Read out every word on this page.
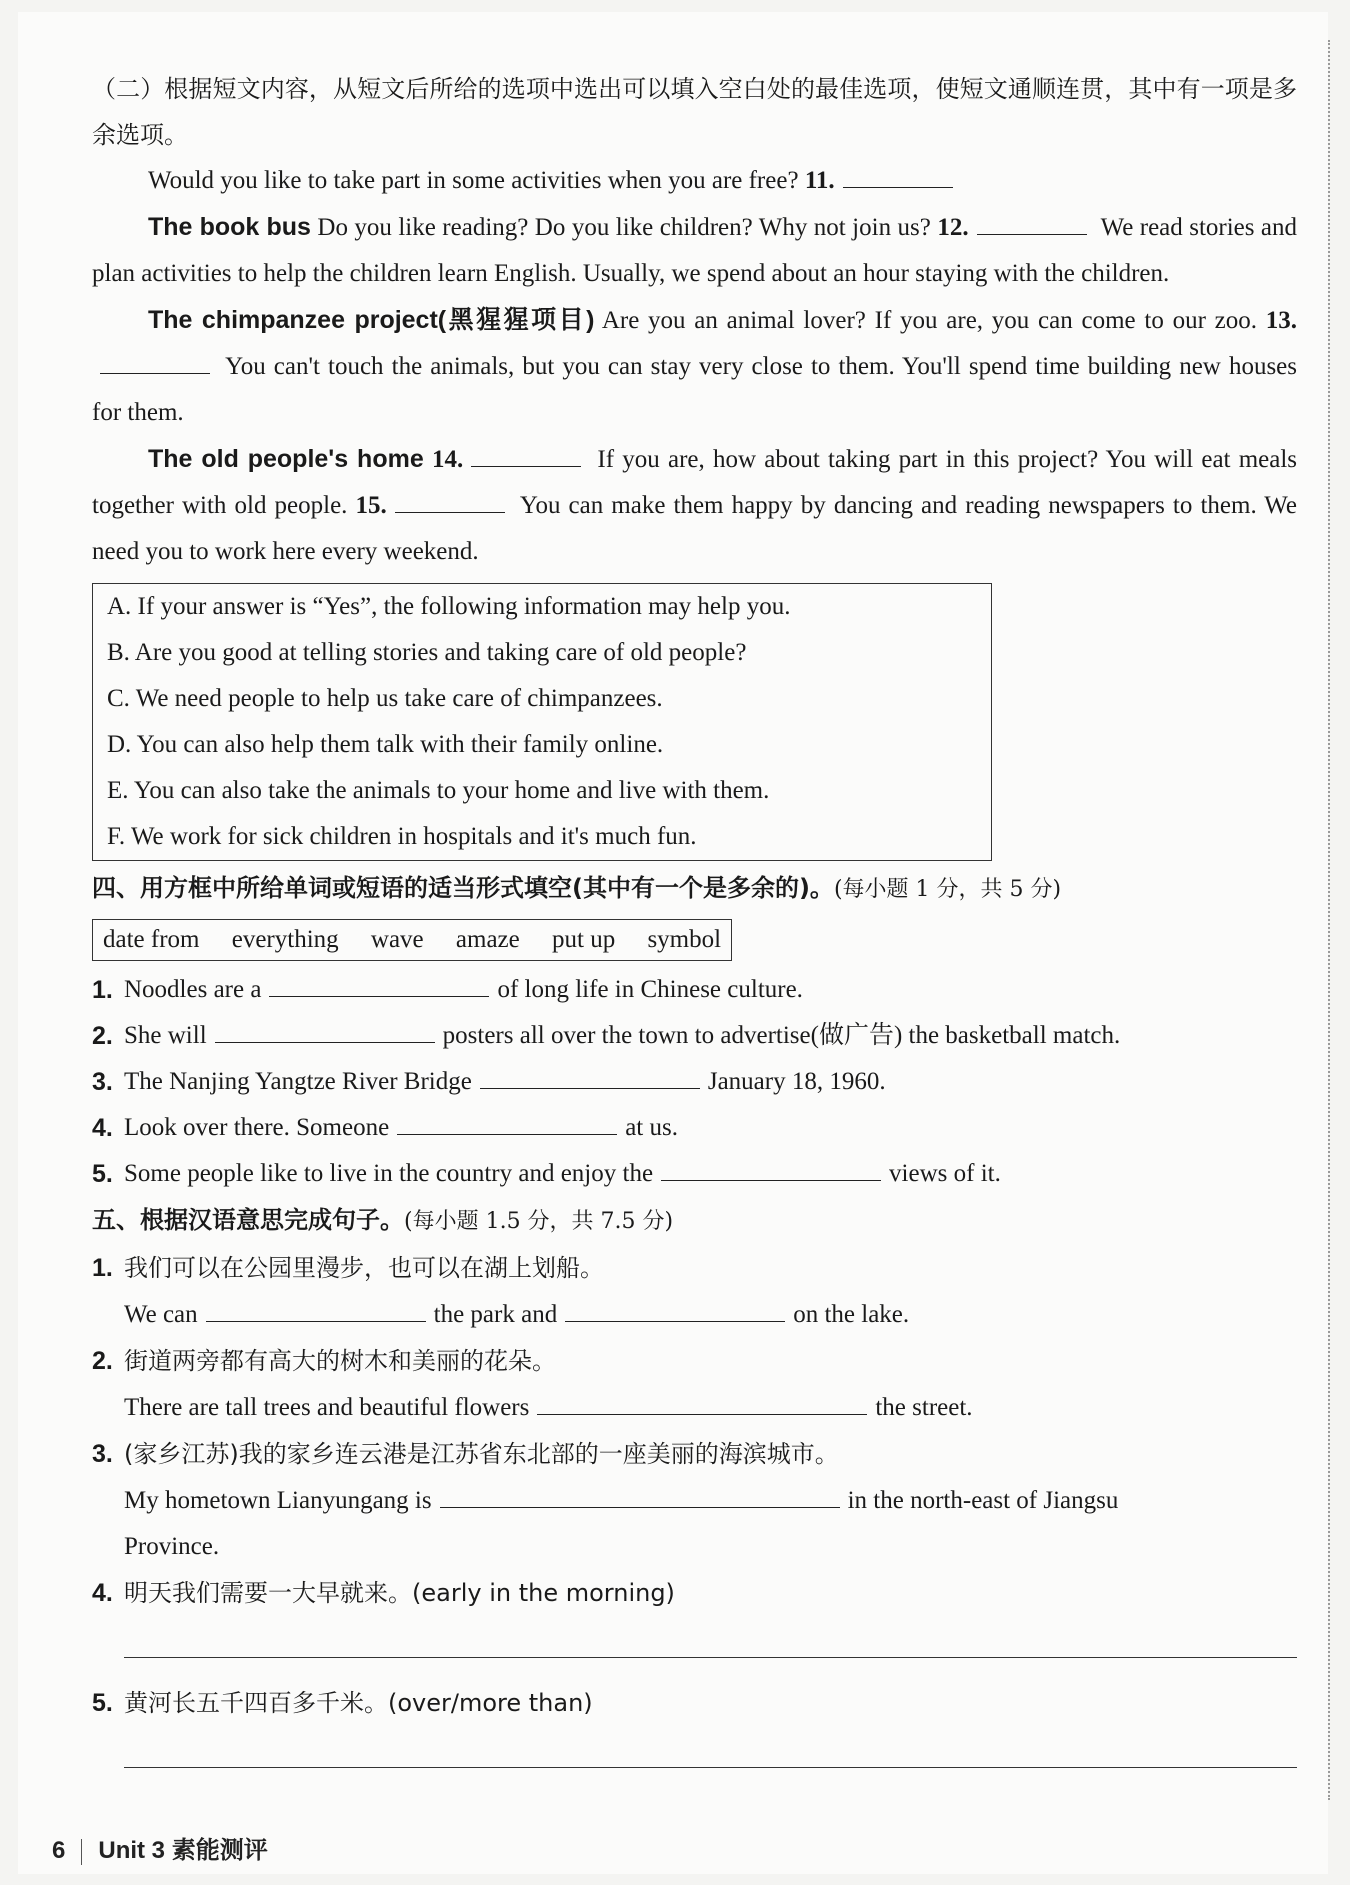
（二）根据短文内容，从短文后所给的选项中选出可以填入空白处的最佳选项，使短文通顺连贯，其中有一项是多余选项。

Would you like to take part in some activities when you are free? 11.

The book bus Do you like reading? Do you like children? Why not join us? 12.	We read stories and plan activities to help the children learn English. Usually, we spend about an hour staying with the children.

The chimpanzee project(黑猩猩项目) Are you an animal lover? If you are, you can come to our zoo. 13. You can't touch the animals, but you can stay very close to them. You'll spend time building new houses for them.

The old people's home 14.	If you are, how about taking part in this project? You will eat meals together with old people. 15.	You can make them happy by dancing and reading newspapers to them. We need you to work here every weekend.

A. If your answer is “Yes”, the following information may help you.
B. Are you good at telling stories and taking care of old people?
C. We need people to help us take care of chimpanzees.
D. You can also help them talk with their family online.
E. You can also take the animals to your home and live with them.
F. We work for sick children in hospitals and it's much fun.
四、用方框中所给单词或短语的适当形式填空(其中有一个是多余的)。(每小题 1 分，共 5 分)
date from everything wave amaze put up symbol
1. Noodles are a	of long life in Chinese culture.
2. She will	posters all over the town to advertise(做广告) the basketball match.
3. The Nanjing Yangtze River Bridge	January 18, 1960.
4. Look over there. Someone	at us.
5. Some people like to live in the country and enjoy the	views of it.
五、根据汉语意思完成句子。(每小题 1.5 分，共 7.5 分)
1. 我们可以在公园里漫步，也可以在湖上划船。
We can	the park and	on the lake.
2. 街道两旁都有高大的树木和美丽的花朵。
There are tall trees and beautiful flowers	the street.
3. (家乡江苏)我的家乡连云港是江苏省东北部的一座美丽的海滨城市。
My hometown Lianyungang is	in the north-east of Jiangsu
Province.
4. 明天我们需要一大早就来。(early in the morning)
5. 黄河长五千四百多千米。(over/more than)
6 Unit 3 素能测评
